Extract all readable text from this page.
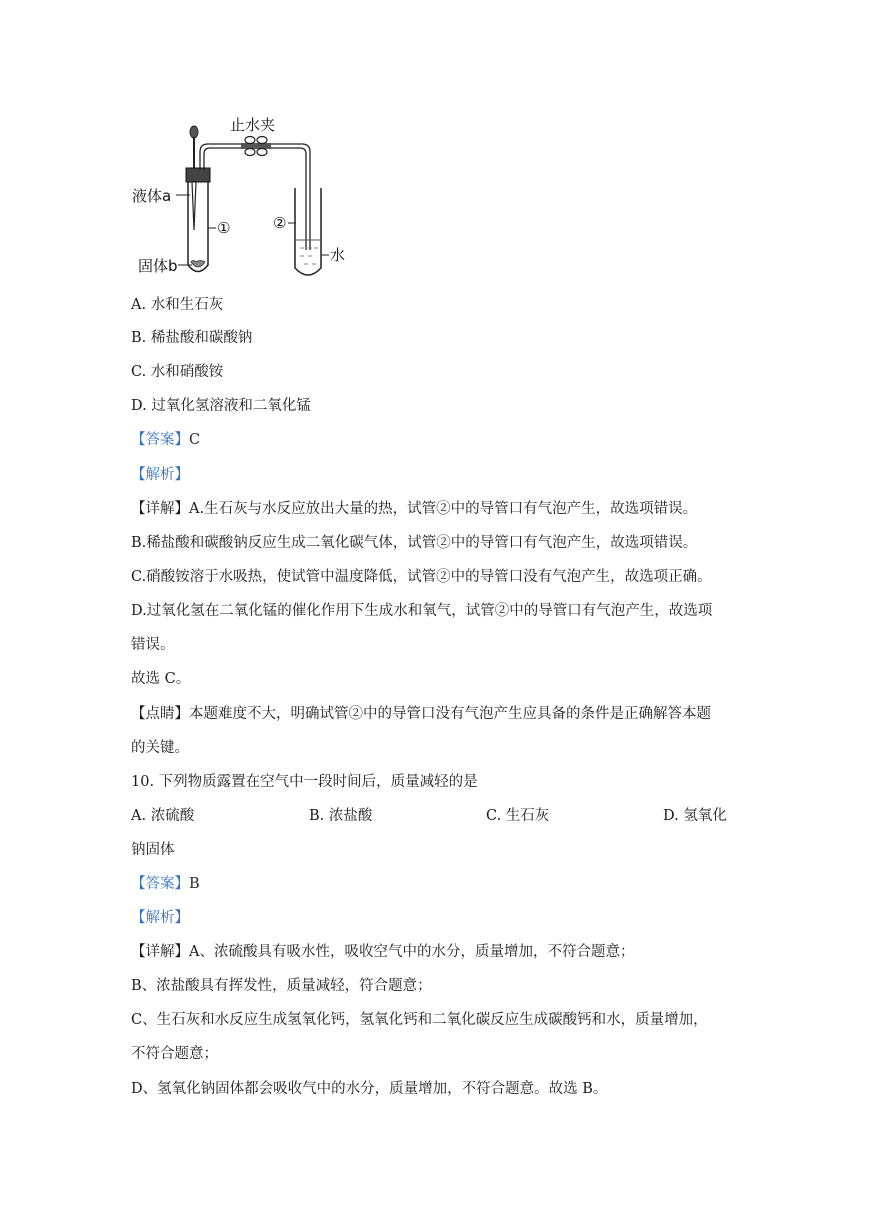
止水夹
液体a
固体b
①	②
水
A. 水和生石灰
B. 稀盐酸和碳酸钠
C. 水和硝酸铵
D. 过氧化氢溶液和二氧化锰
【答案】C
【解析】
【详解】A.生石灰与水反应放出大量的热，试管②中的导管口有气泡产生，故选项错误。
B.稀盐酸和碳酸钠反应生成二氧化碳气体，试管②中的导管口有气泡产生，故选项错误。
C.硝酸铵溶于水吸热，使试管中温度降低，试管②中的导管口没有气泡产生，故选项正确。
D.过氧化氢在二氧化锰的催化作用下生成水和氧气，试管②中的导管口有气泡产生，故选项
错误。
故选 C。
【点睛】本题难度不大，明确试管②中的导管口没有气泡产生应具备的条件是正确解答本题
的关键。
10. 下列物质露置在空气中一段时间后，质量减轻的是
A. 浓硫酸	B. 浓盐酸	C. 生石灰	D. 氢氧化
钠固体
【答案】B
【解析】
【详解】A、浓硫酸具有吸水性，吸收空气中的水分，质量增加，不符合题意；
B、浓盐酸具有挥发性，质量减轻，符合题意；
C、生石灰和水反应生成氢氧化钙，氢氧化钙和二氧化碳反应生成碳酸钙和水，质量增加，
不符合题意；
D、氢氧化钠固体都会吸收气中的水分，质量增加，不符合题意。故选 B。
